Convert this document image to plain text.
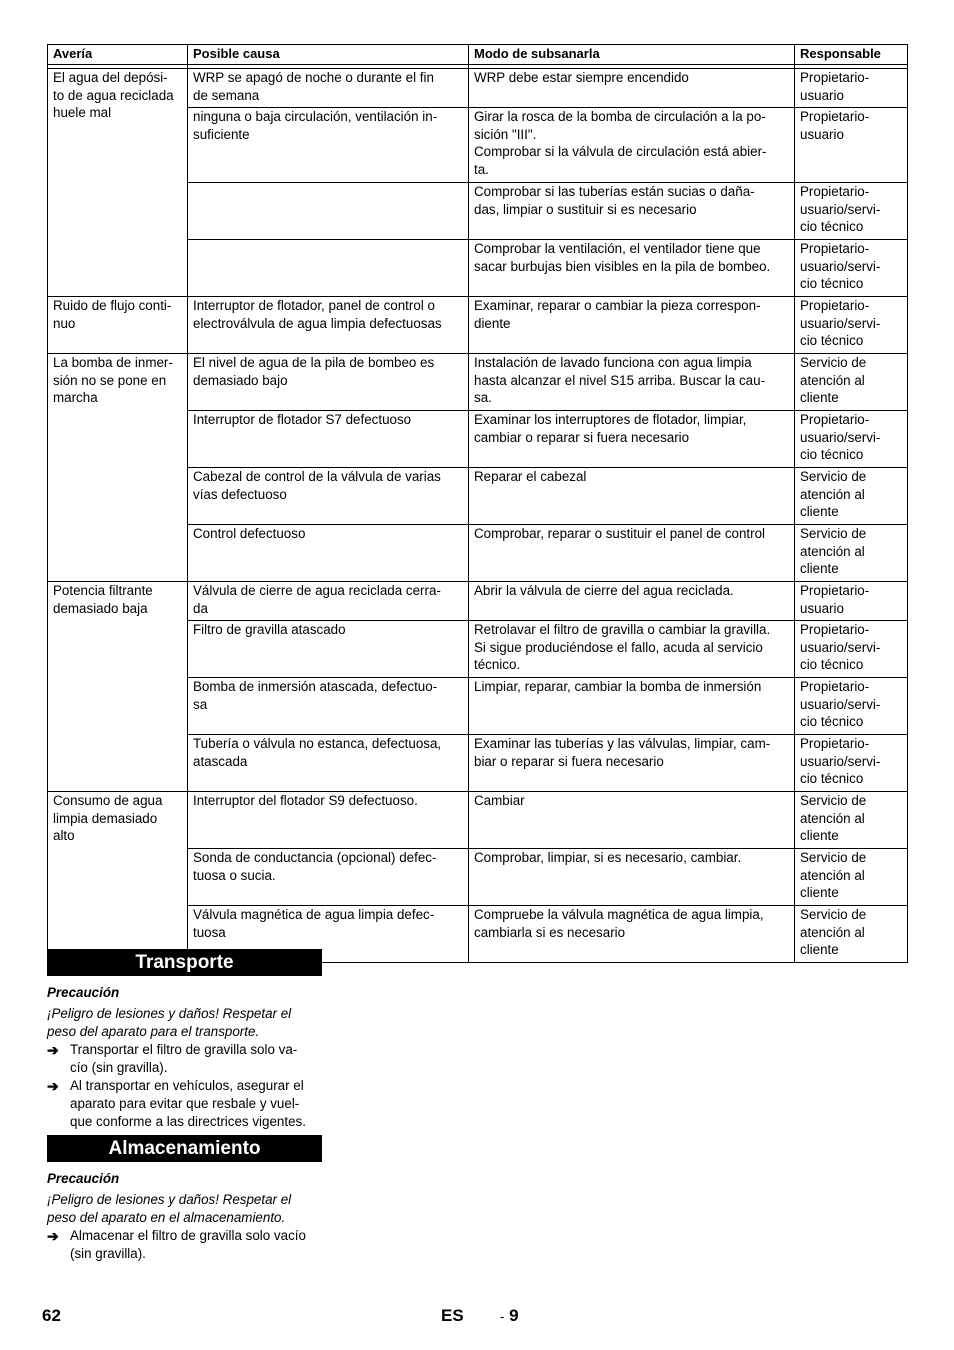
Avería	Posible causa	Modo de subsanarla	Responsable

El agua del depósi-
to de agua reciclada
huele mal	WRP se apagó de noche o durante el fin
de semana	WRP debe estar siempre encendido	Propietario-
usuario

	ninguna o baja circulación, ventilación in-
suficiente	Girar la rosca de la bomba de circulación a la po-
sición "III".
Comprobar si la válvula de circulación está abier-
ta.	Propietario-
usuario

		Comprobar si las tuberías están sucias o daña-
das, limpiar o sustituir si es necesario	Propietario-
usuario/servi-
cio técnico

		Comprobar la ventilación, el ventilador tiene que
sacar burbujas bien visibles en la pila de bombeo.	Propietario-
usuario/servi-
cio técnico

Ruido de flujo conti-
nuo	Interruptor de flotador, panel de control o
electroválvula de agua limpia defectuosas	Examinar, reparar o cambiar la pieza correspon-
diente	Propietario-
usuario/servi-
cio técnico

La bomba de inmer-
sión no se pone en
marcha	El nivel de agua de la pila de bombeo es
demasiado bajo	Instalación de lavado funciona con agua limpia
hasta alcanzar el nivel S15 arriba. Buscar la cau-
sa.	Servicio de
atención al
cliente

	Interruptor de flotador S7 defectuoso	Examinar los interruptores de flotador, limpiar,
cambiar o reparar si fuera necesario	Propietario-
usuario/servi-
cio técnico

	Cabezal de control de la válvula de varias
vías defectuoso	Reparar el cabezal	Servicio de
atención al
cliente

	Control defectuoso	Comprobar, reparar o sustituir el panel de control	Servicio de
atención al
cliente

Potencia filtrante
demasiado baja	Válvula de cierre de agua reciclada cerra-
da	Abrir la válvula de cierre del agua reciclada.	Propietario-
usuario

	Filtro de gravilla atascado	Retrolavar el filtro de gravilla o cambiar la gravilla.
Si sigue produciéndose el fallo, acuda al servicio
técnico.	Propietario-
usuario/servi-
cio técnico

	Bomba de inmersión atascada, defectuo-
sa	Limpiar, reparar, cambiar la bomba de inmersión	Propietario-
usuario/servi-
cio técnico

	Tubería o válvula no estanca, defectuosa,
atascada	Examinar las tuberías y las válvulas, limpiar, cam-
biar o reparar si fuera necesario	Propietario-
usuario/servi-
cio técnico

Consumo de agua
limpia demasiado
alto	Interruptor del flotador S9 defectuoso.	Cambiar	Servicio de
atención al
cliente

	Sonda de conductancia (opcional) defec-
tuosa o sucia.	Comprobar, limpiar, si es necesario, cambiar.	Servicio de
atención al
cliente

	Válvula magnética de agua limpia defec-
tuosa	Compruebe la válvula magnética de agua limpia,
cambiarla si es necesario	Servicio de
atención al
cliente
Transporte

Precaución

¡Peligro de lesiones y daños! Respetar el
peso del aparato para el transporte.

➔ Transportar el filtro de gravilla solo va-
cío (sin gravilla).
➔ Al transportar en vehículos, asegurar el
aparato para evitar que resbale y vuel-
que conforme a las directrices vigentes.
Almacenamiento

Precaución

¡Peligro de lesiones y daños! Respetar el
peso del aparato en el almacenamiento.

➔ Almacenar el filtro de gravilla solo vacío
(sin gravilla).
62	ES	- 9
